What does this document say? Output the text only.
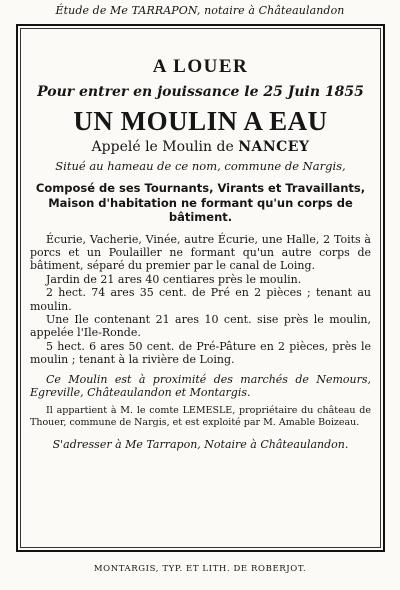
Étude de Me TARRAPON, notaire à Châteaulandon
A LOUER
Pour entrer en jouissance le 25 Juin 1855
UN MOULIN A EAU
Appelé le Moulin de NANCEY
Situé au hameau de ce nom, commune de Nargis,
Composé de ses Tournants, Virants et Travaillants, Maison d'habitation ne formant qu'un corps de bâtiment.

Écurie, Vacherie, Vinée, autre Écurie, une Halle, 2 Toits à porcs et un Poulailler ne formant qu'un autre corps de bâtiment, séparé du premier par le canal de Loing.

Jardin de 21 ares 40 centiares près le moulin.

2 hect. 74 ares 35 cent. de Pré en 2 pièces ; tenant au moulin.

Une Ile contenant 21 ares 10 cent. sise près le moulin, appelée l'Ile-Ronde.

5 hect. 6 ares 50 cent. de Pré-Pâture en 2 pièces, près le moulin ; tenant à la rivière de Loing.

Ce Moulin est à proximité des marchés de Nemours, Egreville, Châteaulandon et Montargis.

Il appartient à M. le comte LEMESLE, propriétaire du château de Thouer, commune de Nargis, et est exploité par M. Amable Boizeau.

S'adresser à Me Tarrapon, Notaire à Châteaulandon.
MONTARGIS, TYP. ET LITH. DE ROBERJOT.
